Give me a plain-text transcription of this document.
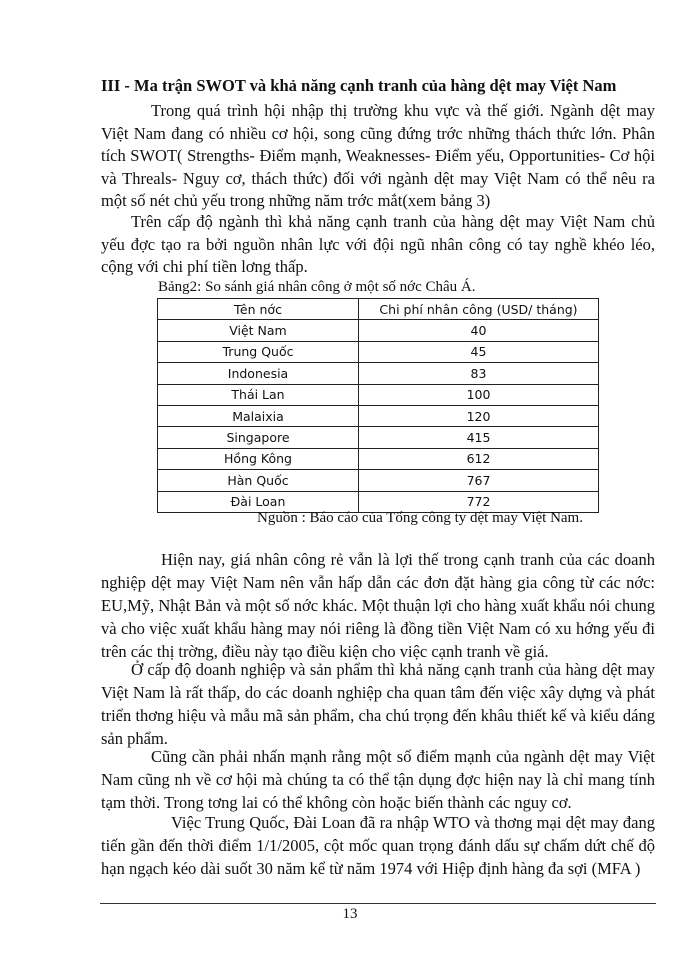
III - Ma trận SWOT và khả năng cạnh tranh của hàng dệt may Việt Nam

Trong quá trình hội nhập thị trường khu vực và thế giới. Ngành dệt may Việt Nam đang có nhiều cơ hội, song cũng đứng trớc những thách thức lớn. Phân tích SWOT( Strengths- Điểm mạnh, Weaknesses- Điểm yếu, Opportunities- Cơ hội và Threals- Nguy cơ, thách thức) đối với ngành dệt may Việt Nam có thể nêu ra một số nét chủ yếu trong những năm trớc mắt(xem bảng 3)

Trên cấp độ ngành thì khả năng cạnh tranh của hàng dệt may Việt Nam chủ yếu đợc tạo ra bởi nguồn nhân lực với đội ngũ nhân công có tay nghề khéo léo, cộng với chi phí tiền lơng thấp.

Bảng2: So sánh giá nhân công ở một số nớc Châu Á.
Tên nớc	Chi phí nhân công (USD/ tháng)
Việt Nam	40
Trung Quốc	45
Indonesia	83
Thái Lan	100
Malaixia	120
Singapore	415
Hồng Kông	612
Hàn Quốc	767
Đài Loan	772
Nguồn : Báo cáo của Tổng công ty dệt may Việt Nam.

Hiện nay, giá nhân công rẻ vẫn là lợi thế trong cạnh tranh của các doanh nghiệp dệt may Việt Nam nên vẫn hấp dẫn các đơn đặt hàng gia công từ các nớc: EU,Mỹ, Nhật Bản và một số nớc khác. Một thuận lợi cho hàng xuất khẩu nói chung và cho việc xuất khẩu hàng may nói riêng là đồng tiền Việt Nam có xu hớng yếu đi trên các thị trờng, điều này tạo điều kiện cho việc cạnh tranh về giá.

Ở cấp độ doanh nghiệp và sản phẩm thì khả năng cạnh tranh của hàng dệt may Việt Nam là rất thấp, do các doanh nghiệp cha quan tâm đến việc xây dựng và phát triển thơng hiệu và mẫu mã sản phẩm, cha chú trọng đến khâu thiết kế và kiểu dáng sản phẩm.

Cũng cần phải nhấn mạnh rằng một số điểm mạnh của ngành dệt may Việt Nam cũng nh về cơ hội mà chúng ta có thể tận dụng đợc hiện nay là chỉ mang tính tạm thời. Trong tơng lai có thể không còn hoặc biến thành các nguy cơ.

Việc Trung Quốc, Đài Loan đã ra nhập WTO và thơng mại dệt may đang tiến gần đến thời điểm 1/1/2005, cột mốc quan trọng đánh dấu sự chấm dứt chế độ hạn ngạch kéo dài suốt 30 năm kể từ năm 1974 với Hiệp định hàng đa sợi (MFA )

13
